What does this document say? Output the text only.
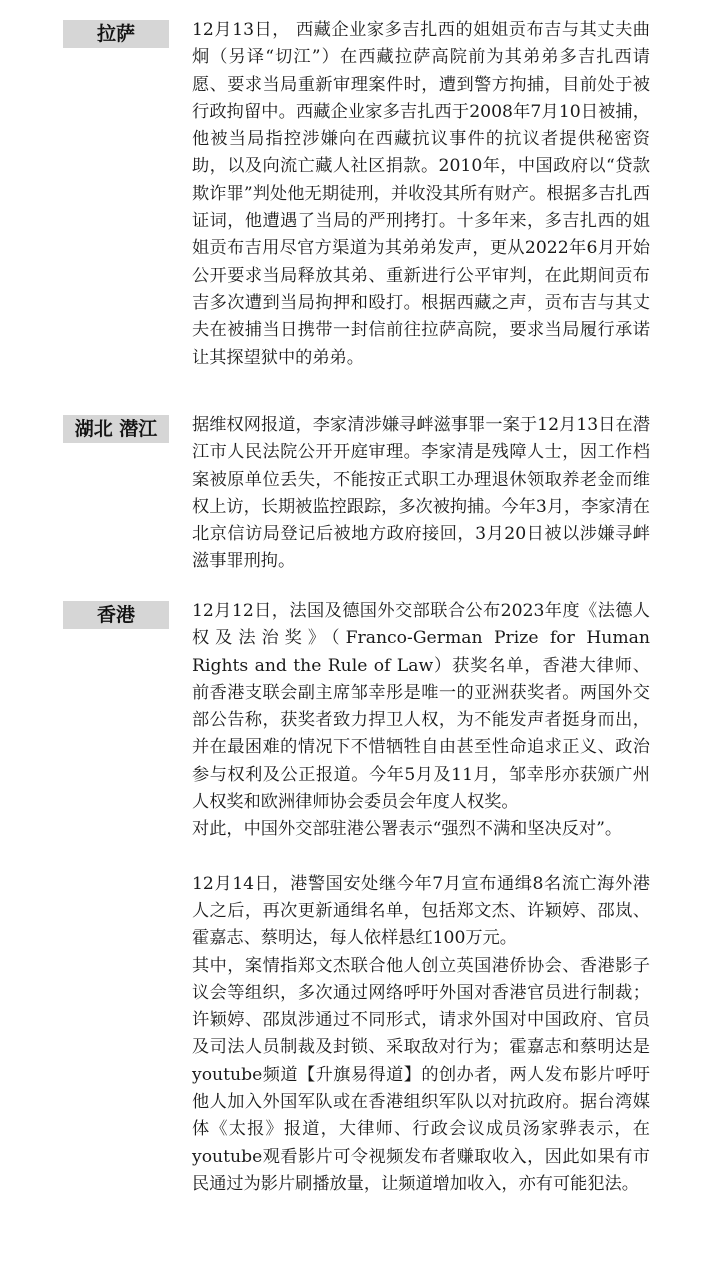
拉萨	12月13日， 西藏企业家多吉扎西的姐姐贡布吉与其丈夫曲炯（另译“切江”）在西藏拉萨高院前为其弟弟多吉扎西请愿、要求当局重新审理案件时，遭到警方拘捕，目前处于被行政拘留中。西藏企业家多吉扎西于2008年7月10日被捕，他被当局指控涉嫌向在西藏抗议事件的抗议者提供秘密资助，以及向流亡藏人社区捐款。2010年，中国政府以“贷款欺诈罪”判处他无期徒刑，并收没其所有财产。根据多吉扎西证词，他遭遇了当局的严刑拷打。十多年来，多吉扎西的姐姐贡布吉用尽官方渠道为其弟弟发声，更从2022年6月开始公开要求当局释放其弟、重新进行公平审判，在此期间贡布吉多次遭到当局拘押和殴打。根据西藏之声，贡布吉与其丈夫在被捕当日携带一封信前往拉萨高院，要求当局履行承诺让其探望狱中的弟弟。

湖北 潜江	据维权网报道，李家清涉嫌寻衅滋事罪一案于12月13日在潜江市人民法院公开开庭审理。李家清是残障人士，因工作档案被原单位丢失，不能按正式职工办理退休领取养老金而维权上访，长期被监控跟踪，多次被拘捕。今年3月，李家清在北京信访局登记后被地方政府接回，3月20日被以涉嫌寻衅滋事罪刑拘。

香港	12月12日，法国及德国外交部联合公布2023年度《法德人权及法治奖》（Franco-German Prize for Human Rights and the Rule of Law）获奖名单，香港大律师、前香港支联会副主席邹幸彤是唯一的亚洲获奖者。两国外交部公告称，获奖者致力捍卫人权，为不能发声者挺身而出，并在最困难的情况下不惜牺牲自由甚至性命追求正义、政治参与权利及公正报道。今年5月及11月，邹幸彤亦获颁广州人权奖和欧洲律师协会委员会年度人权奖。

对此，中国外交部驻港公署表示“强烈不满和坚决反对”。

12月14日，港警国安处继今年7月宣布通缉8名流亡海外港人之后，再次更新通缉名单，包括郑文杰、许颖婷、邵岚、霍嘉志、蔡明达，每人依样悬红100万元。

其中，案情指郑文杰联合他人创立英国港侨协会、香港影子议会等组织，多次通过网络呼吁外国对香港官员进行制裁；许颖婷、邵岚涉通过不同形式，请求外国对中国政府、官员及司法人员制裁及封锁、采取敌对行为；霍嘉志和蔡明达是youtube频道【升旗易得道】的创办者，两人发布影片呼吁他人加入外国军队或在香港组织军队以对抗政府。据台湾媒体《太报》报道，大律师、行政会议成员汤家骅表示，在youtube观看影片可令视频发布者赚取收入，因此如果有市民通过为影片刷播放量，让频道增加收入，亦有可能犯法。
